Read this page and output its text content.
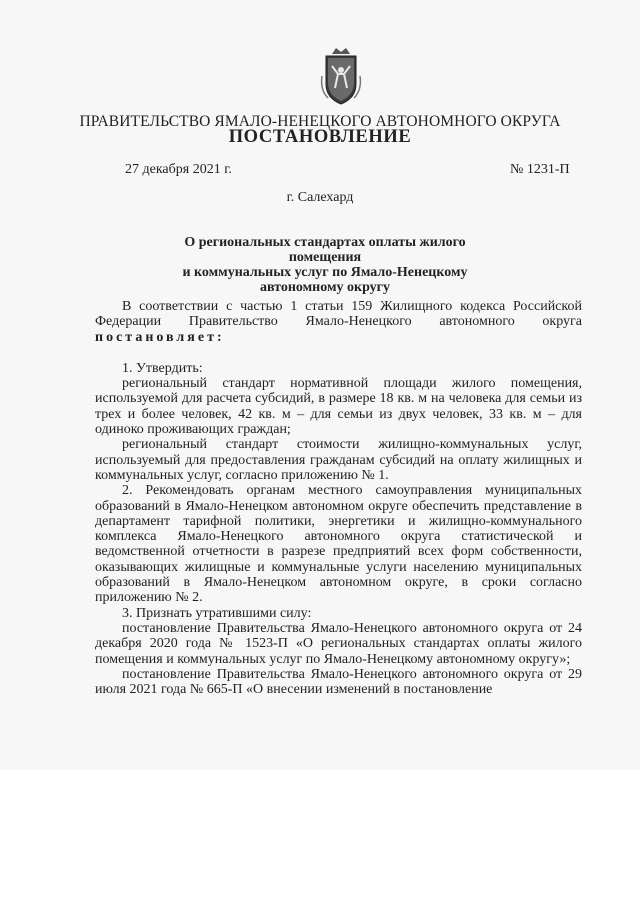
ПРАВИТЕЛЬСТВО ЯМАЛО-НЕНЕЦКОГО АВТОНОМНОГО ОКРУГА
ПОСТАНОВЛЕНИЕ
27 декабря 2021 г.	№ 1231-П
г. Салехард
О региональных стандартах оплаты жилого помещения
и коммунальных услуг по Ямало-Ненецкому
автономному округу

В соответствии с частью 1 статьи 159 Жилищного кодекса Российской Федерации Правительство Ямало-Ненецкого автономного округа постановляет:

1. Утвердить:

региональный стандарт нормативной площади жилого помещения, используемой для расчета субсидий, в размере 18 кв. м на человека для семьи из трех и более человек, 42 кв. м – для семьи из двух человек, 33 кв. м – для одиноко проживающих граждан;

региональный стандарт стоимости жилищно-коммунальных услуг, используемый для предоставления гражданам субсидий на оплату жилищных и коммунальных услуг, согласно приложению № 1.

2. Рекомендовать органам местного самоуправления муниципальных образований в Ямало-Ненецком автономном округе обеспечить представление в департамент тарифной политики, энергетики и жилищно-коммунального комплекса Ямало-Ненецкого автономного округа статистической и ведомственной отчетности в разрезе предприятий всех форм собственности, оказывающих жилищные и коммунальные услуги населению муниципальных образований в Ямало-Ненецком автономном округе, в сроки согласно приложению № 2.

3. Признать утратившими силу:

постановление Правительства Ямало-Ненецкого автономного округа от 24 декабря 2020 года № 1523-П «О региональных стандартах оплаты жилого помещения и коммунальных услуг по Ямало-Ненецкому автономному округу»;

постановление Правительства Ямало-Ненецкого автономного округа от 29 июля 2021 года № 665-П «О внесении изменений в постановление
